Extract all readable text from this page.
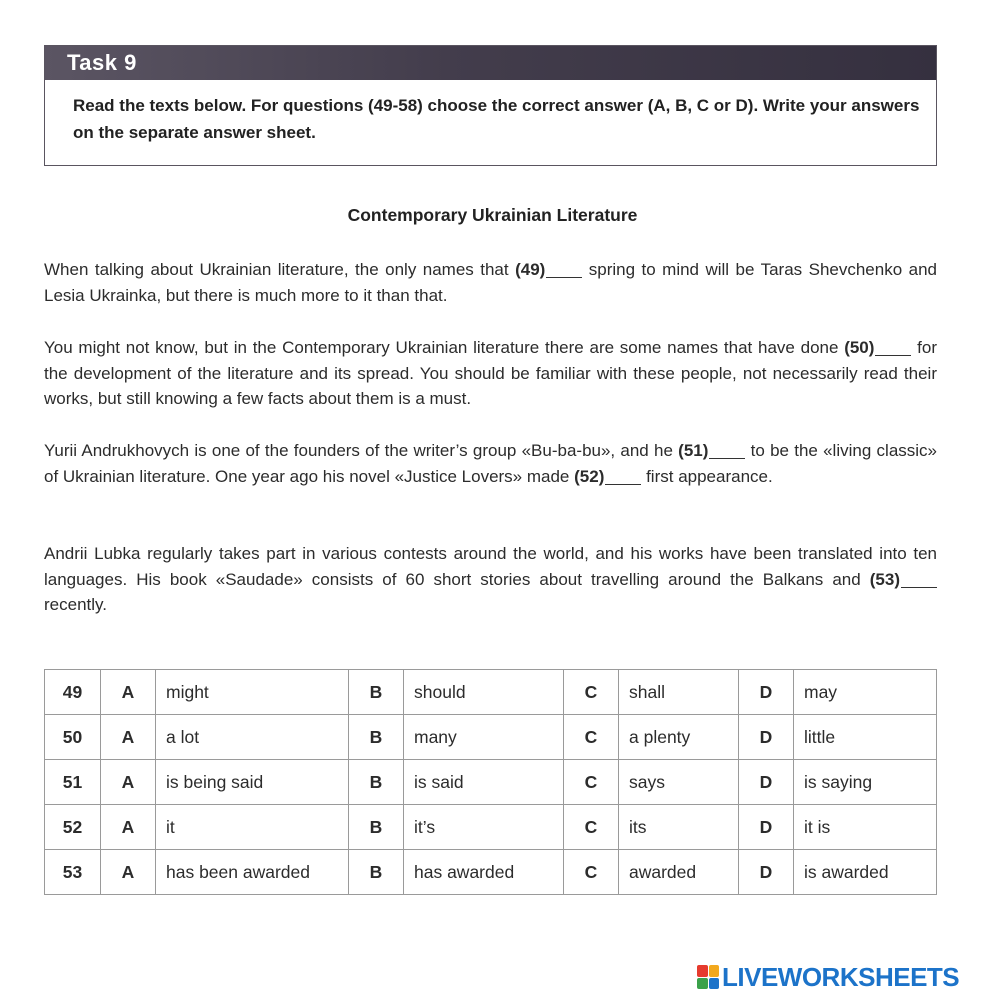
Task 9
Read the texts below. For questions (49-58) choose the correct answer (A, B, C or D). Write your answers on the separate answer sheet.
Contemporary Ukrainian Literature
When talking about Ukrainian literature, the only names that (49) spring to mind will be Taras Shevchenko and Lesia Ukrainka, but there is much more to it than that.
You might not know, but in the Contemporary Ukrainian literature there are some names that have done (50) for the development of the literature and its spread. You should be familiar with these people, not necessarily read their works, but still knowing a few facts about them is a must.
Yurii Andrukhovych is one of the founders of the writer’s group «Bu-ba-bu», and he (51) to be the «living classic» of Ukrainian literature. One year ago his novel «Justice Lovers» made (52) first appearance.
Andrii Lubka regularly takes part in various contests around the world, and his works have been translated into ten languages. His book «Saudade» consists of 60 short stories about travelling around the Balkans and (53) recently.
49	A	might	B	should	C	shall	D	may
50	A	a lot	B	many	C	a plenty	D	little
51	A	is being said	B	is said	C	says	D	is saying
52	A	it	B	it’s	C	its	D	it is
53	A	has been awarded	B	has awarded	C	awarded	D	is awarded
LIVEWORKSHEETS
